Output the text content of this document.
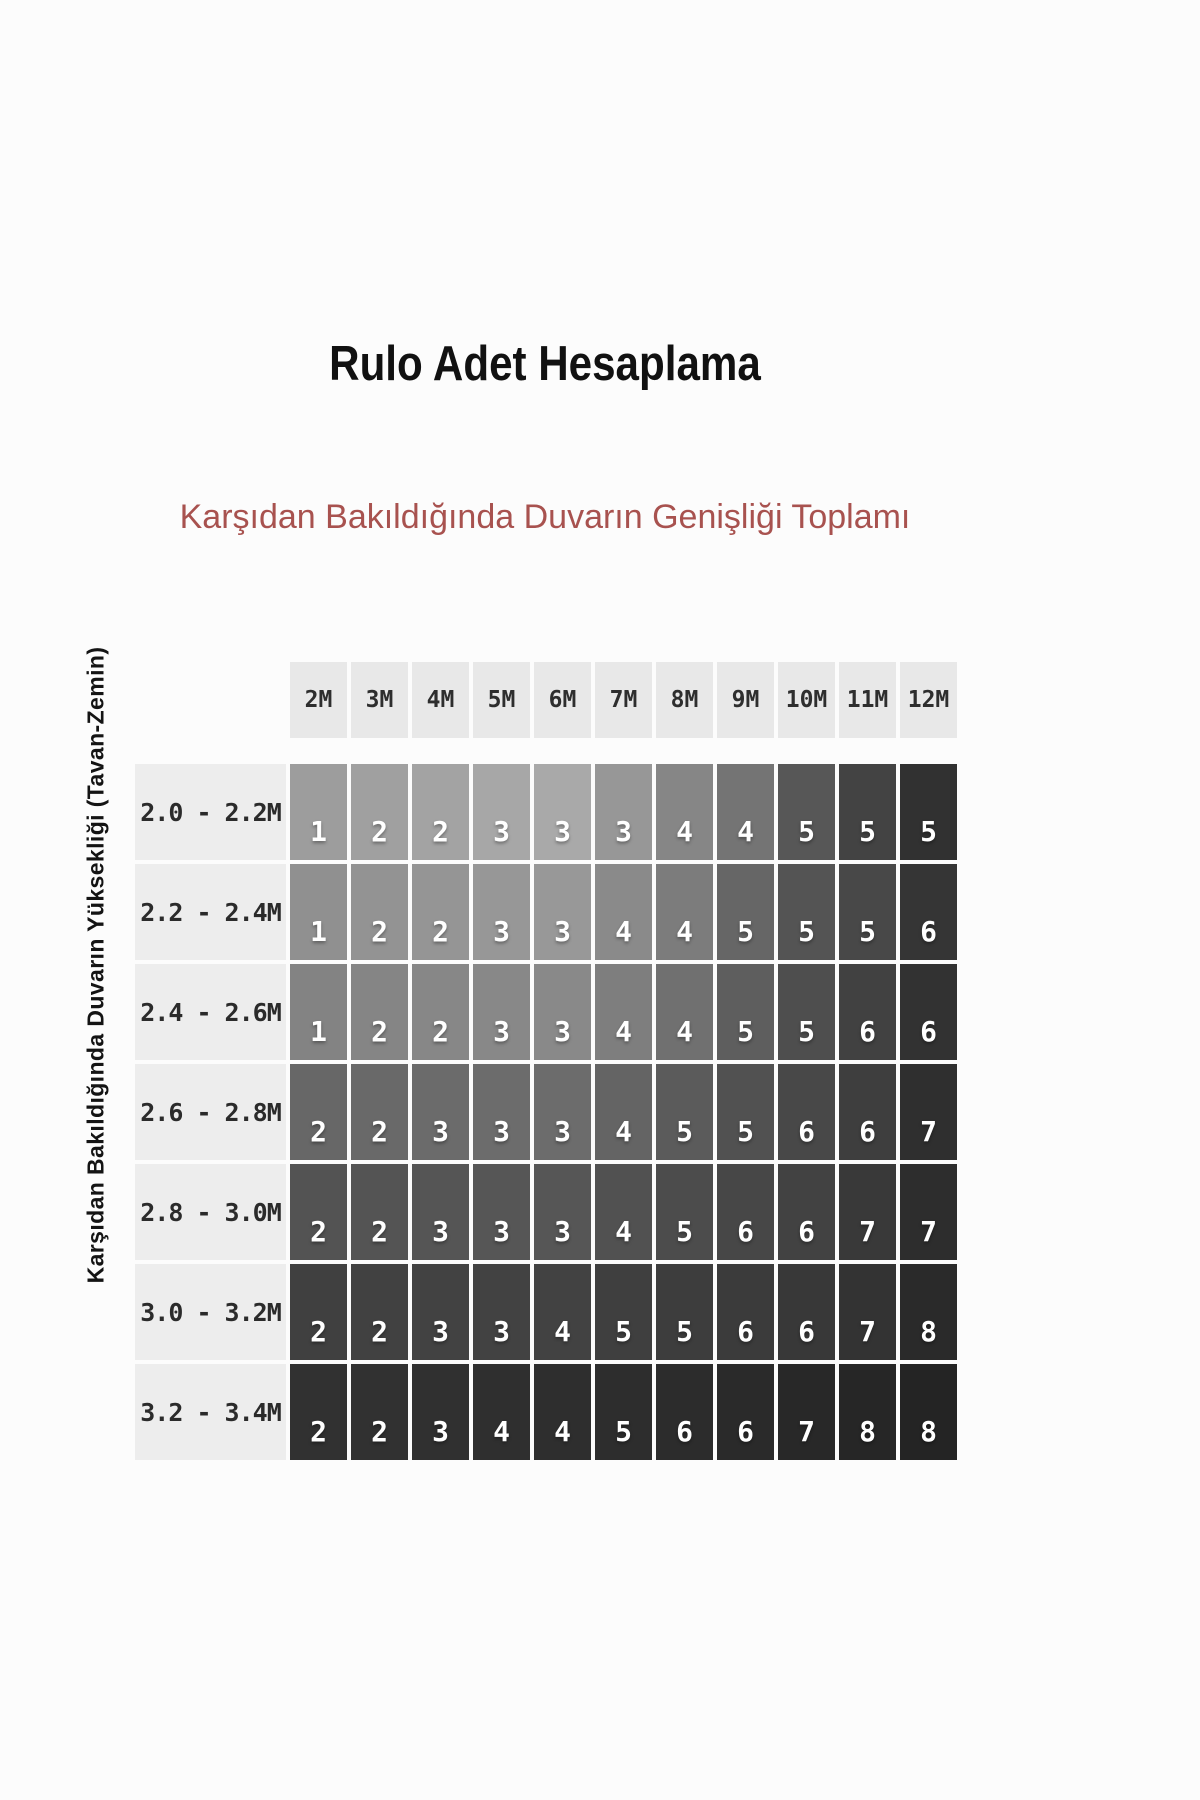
Rulo Adet Hesaplama
Karşıdan Bakıldığında Duvarın Genişliği Toplamı
Karşıdan Bakıldığında Duvarın Yüksekliği (Tavan-Zemin)	2M	3M	4M	5M	6M	7M	8M	9M	10M 11M 12M
2.0 - 2.2M
1	2	2	3	3	3	4	4	5	5	5
2.2 - 2.4M
1	2	2	3	3	4	4	5	5	5	6
2.4 - 2.6M
1	2	2	3	3	4	4	5	5	6	6
2.6 - 2.8M
2	2	3	3	3	4	5	5	6	6	7
2.8 - 3.0M
2	2	3	3	3	4	5	6	6	7	7
3.0 - 3.2M
2	2	3	3	4	5	5	6	6	7	8
3.2 - 3.4M
2	2	3	4	4	5	6	6	7	8	8
